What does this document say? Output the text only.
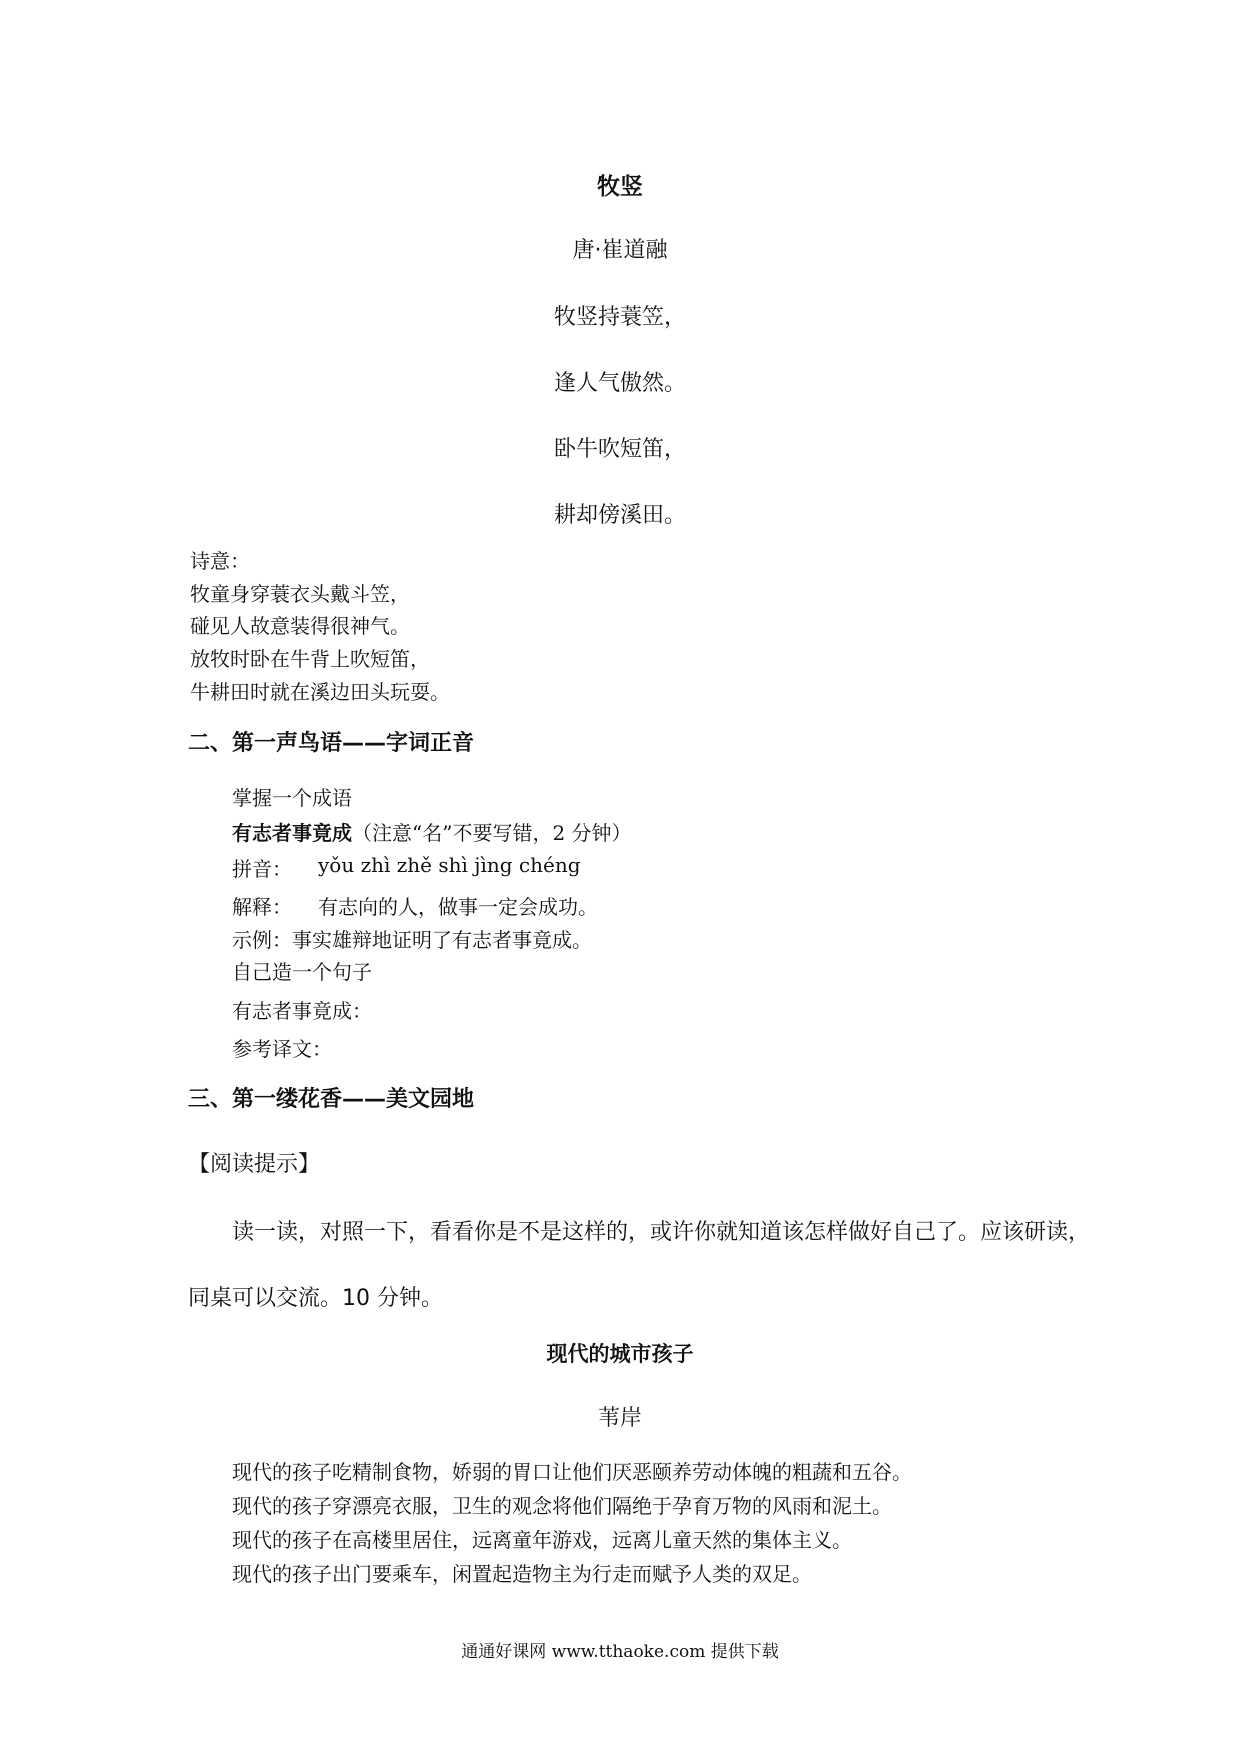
牧竖
唐·崔道融
牧竖持蓑笠，
逢人气傲然。
卧牛吹短笛，
耕却傍溪田。
诗意：
牧童身穿蓑衣头戴斗笠，
碰见人故意装得很神气。
放牧时卧在牛背上吹短笛，
牛耕田时就在溪边田头玩耍。
二、第一声鸟语——字词正音
掌握一个成语
有志者事竟成（注意“名”不要写错，2 分钟）
拼音： yǒu zhì zhě shì jìng chéng
解释： 有志向的人，做事一定会成功。
示例：事实雄辩地证明了有志者事竟成。
自己造一个句子
有志者事竟成：
参考译文：
三、第一缕花香——美文园地
【阅读提示】
读一读，对照一下，看看你是不是这样的，或许你就知道该怎样做好自己了。应该研读，
同桌可以交流。10 分钟。
现代的城市孩子
苇岸
现代的孩子吃精制食物，娇弱的胃口让他们厌恶颐养劳动体魄的粗蔬和五谷。
现代的孩子穿漂亮衣服，卫生的观念将他们隔绝于孕育万物的风雨和泥土。
现代的孩子在高楼里居住，远离童年游戏，远离儿童天然的集体主义。
现代的孩子出门要乘车，闲置起造物主为行走而赋予人类的双足。
通通好课网 www.tthaoke.com 提供下载
